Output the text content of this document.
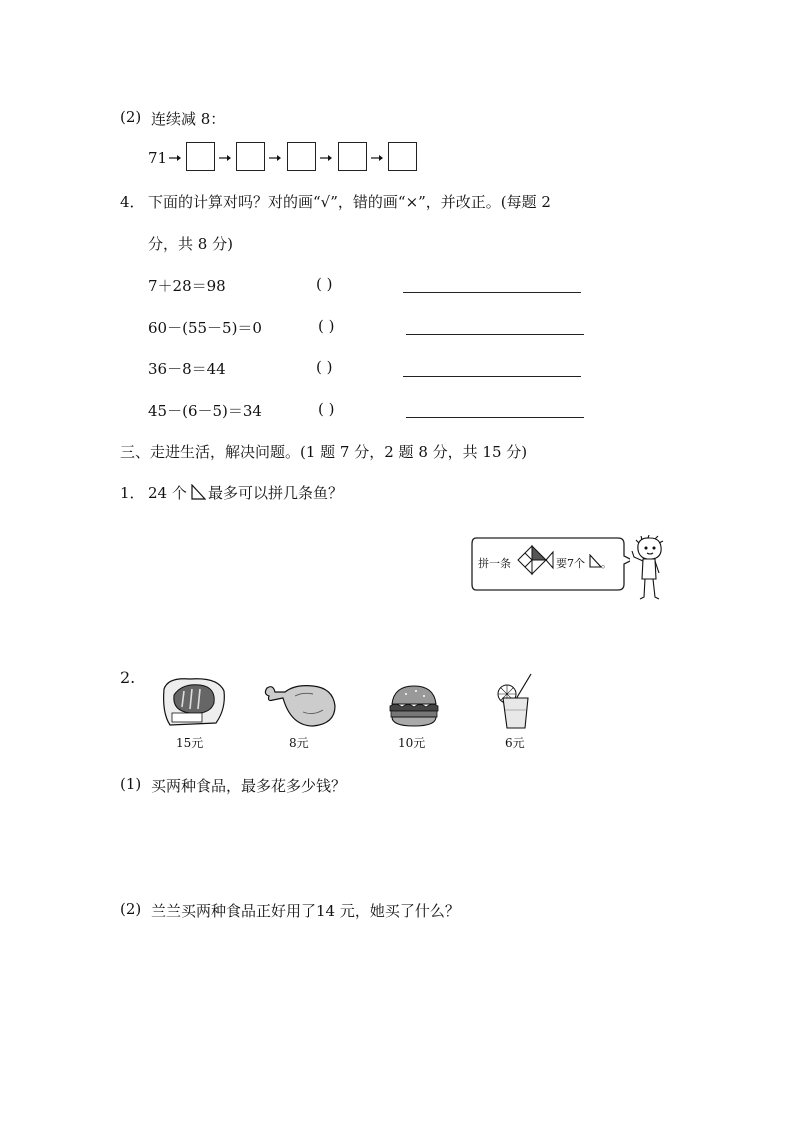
(2) 连续减 8：
71
4． 下面的计算对吗？对的画“√”，错的画“×”，并改正。(每题 2
分，共 8 分)
7＋28＝98	( )
60－(55－5)＝0	( )
36－8＝44	( )
45－(6－5)＝34	( )
三、走进生活，解决问题。(1 题 7 分，2 题 8 分，共 15 分)
1． 24 个 最多可以拼几条鱼？
拼一条	要7个 。
2.
15元	8元	10元	6元
(1) 买两种食品，最多花多少钱？
(2) 兰兰买两种食品正好用了14 元，她买了什么？
